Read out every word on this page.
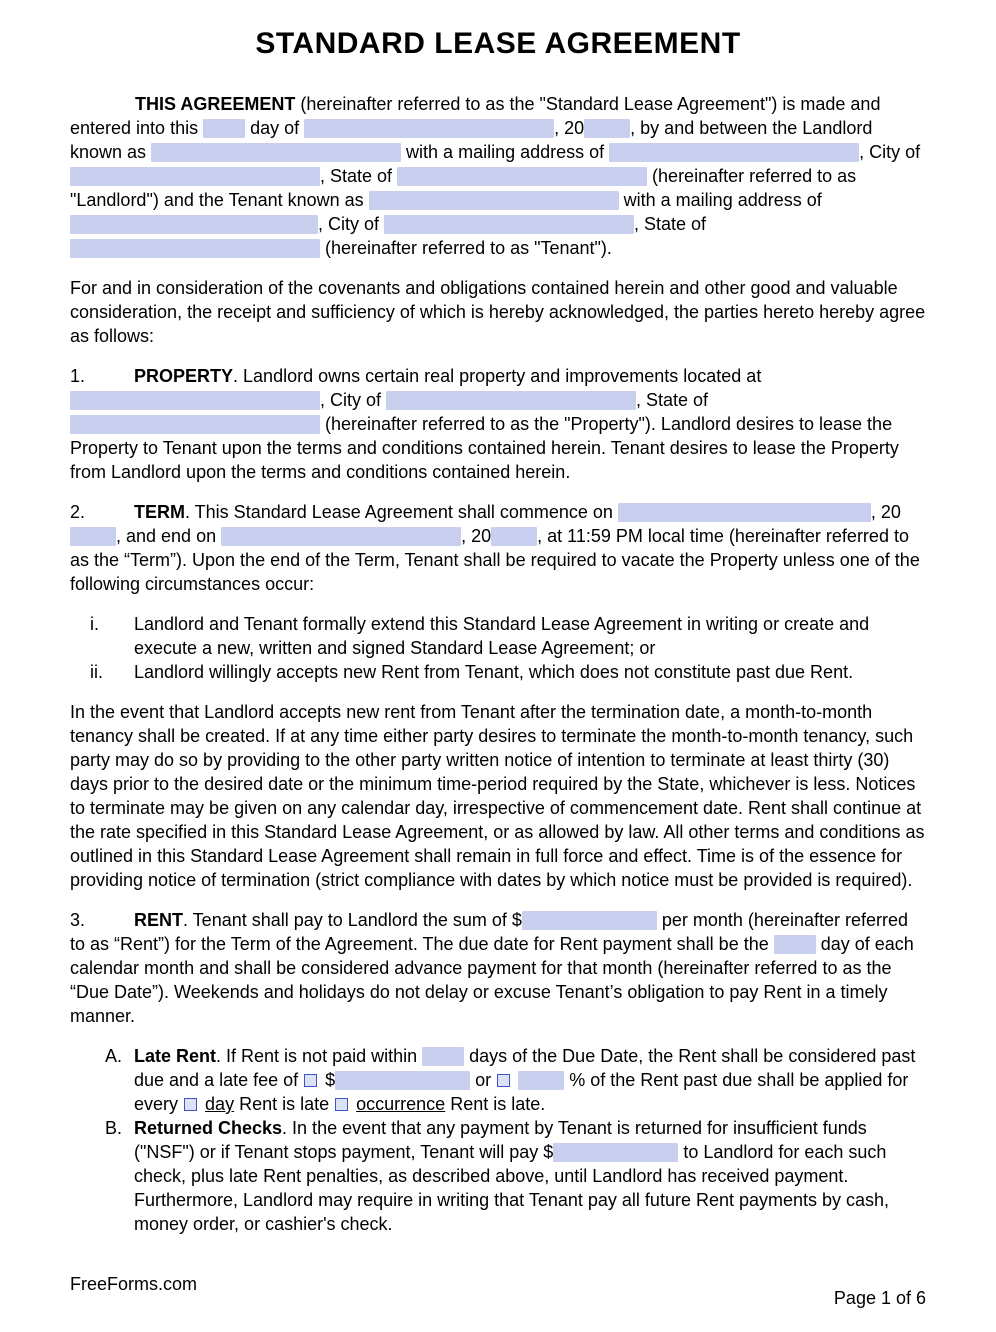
STANDARD LEASE AGREEMENT
THIS AGREEMENT (hereinafter referred to as the "Standard Lease Agreement") is made and entered into this  day of	, 20	, by and between the Landlord known as	with a mailing address of	, City of , State of	(hereinafter referred to as "Landlord") and the Tenant known as	with a mailing address of , City of	, State of  (hereinafter referred to as "Tenant").
For and in consideration of the covenants and obligations contained herein and other good and valuable consideration, the receipt and sufficiency of which is hereby acknowledged, the parties hereto hereby agree as follows:
1.	PROPERTY. Landlord owns certain real property and improvements located at , City of	, State of  (hereinafter referred to as the "Property"). Landlord desires to lease the Property to Tenant upon the terms and conditions contained herein. Tenant desires to lease the Property from Landlord upon the terms and conditions contained herein.
2.	TERM. This Standard Lease Agreement shall commence on	, 20, and end on	, 20	, at 11:59 PM local time (hereinafter referred to as the “Term”). Upon the end of the Term, Tenant shall be required to vacate the Property unless one of the following circumstances occur:
i.	Landlord and Tenant formally extend this Standard Lease Agreement in writing or create and execute a new, written and signed Standard Lease Agreement; or
ii.	Landlord willingly accepts new Rent from Tenant, which does not constitute past due Rent.
In the event that Landlord accepts new rent from Tenant after the termination date, a month-to-month tenancy shall be created. If at any time either party desires to terminate the month-to-month tenancy, such party may do so by providing to the other party written notice of intention to terminate at least thirty (30) days prior to the desired date or the minimum time-period required by the State, whichever is less. Notices to terminate may be given on any calendar day, irrespective of commencement date. Rent shall continue at the rate specified in this Standard Lease Agreement, or as allowed by law. All other terms and conditions as outlined in this Standard Lease Agreement shall remain in full force and effect. Time is of the essence for providing notice of termination (strict compliance with dates by which notice must be provided is required).
3.	RENT. Tenant shall pay to Landlord the sum of $	per month (hereinafter referred to as “Rent”) for the Term of the Agreement. The due date for Rent payment shall be the  day of each calendar month and shall be considered advance payment for that month (hereinafter referred to as the “Due Date”). Weekends and holidays do not delay or excuse Tenant’s obligation to pay Rent in a timely manner.
A. Late Rent. If Rent is not paid within  days of the Due Date, the Rent shall be considered past due and a late fee of  $	or	% of the Rent past due shall be applied for every  day Rent is late  occurrence Rent is late.
B. Returned Checks. In the event that any payment by Tenant is returned for insufficient funds ("NSF") or if Tenant stops payment, Tenant will pay $	to Landlord for each such check, plus late Rent penalties, as described above, until Landlord has received payment. Furthermore, Landlord may require in writing that Tenant pay all future Rent payments by cash, money order, or cashier's check.
FreeForms.com
Page 1 of 6
